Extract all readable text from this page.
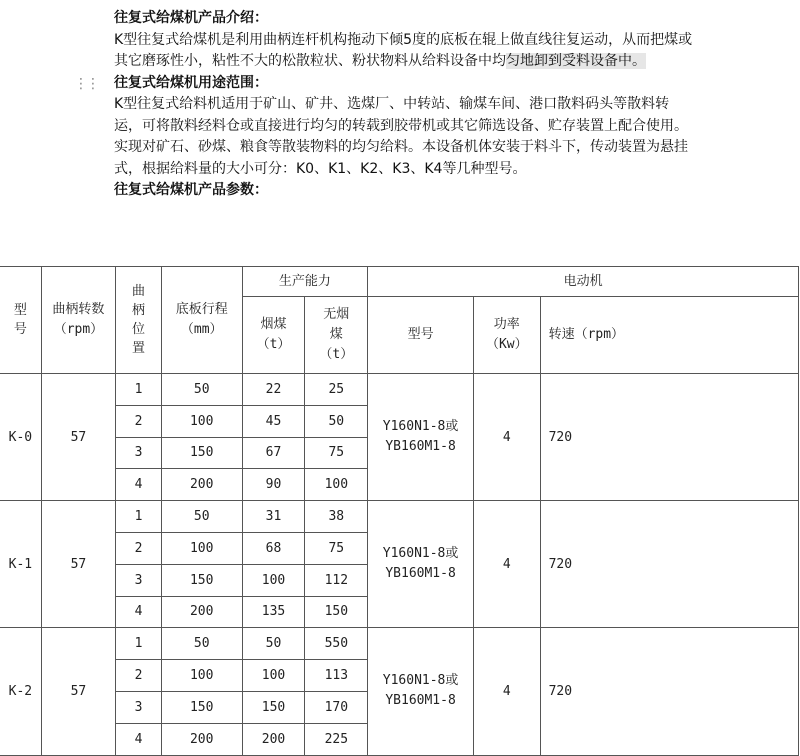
⋮⋮
往复式给煤机产品介绍：
K型往复式给煤机是利用曲柄连杆机构拖动下倾5度的底板在辊上做直线往复运动，从而把煤或其它磨琢性小，粘性不大的松散粒状、粉状物料从给料设备中均匀地卸到受料设备中。
往复式给煤机用途范围：
K型往复式给料机适用于矿山、矿井、选煤厂、中转站、输煤车间、港口散料码头等散料转运，可将散料经料仓或直接进行均匀的转载到胶带机或其它筛选设备、贮存装置上配合使用。实现对矿石、砂煤、粮食等散装物料的均匀给料。本设备机体安装于料斗下，传动装置为悬挂式，根据给料量的大小可分：K0、K1、K2、K3、K4等几种型号。
往复式给煤机产品参数：
型号	曲柄转数（rpm）	曲柄位置	底板行程（mm）	生产能力		电动机		
				烟煤（t）	无烟煤（t）	型号	功率（Kw）	转速（rpm）
K-0	57	1	50	22	25	Y160N1-8或YB160M1-8	4	720
		2	100	45	50			
		3	150	67	75			
		4	200	90	100			
K-1	57	1	50	31	38	Y160N1-8或YB160M1-8	4	720
		2	100	68	75			
		3	150	100	112			
		4	200	135	150			
K-2	57	1	50	50	550	Y160N1-8或YB160M1-8	4	720
		2	100	100	113			
		3	150	150	170			
		4	200	200	225			
